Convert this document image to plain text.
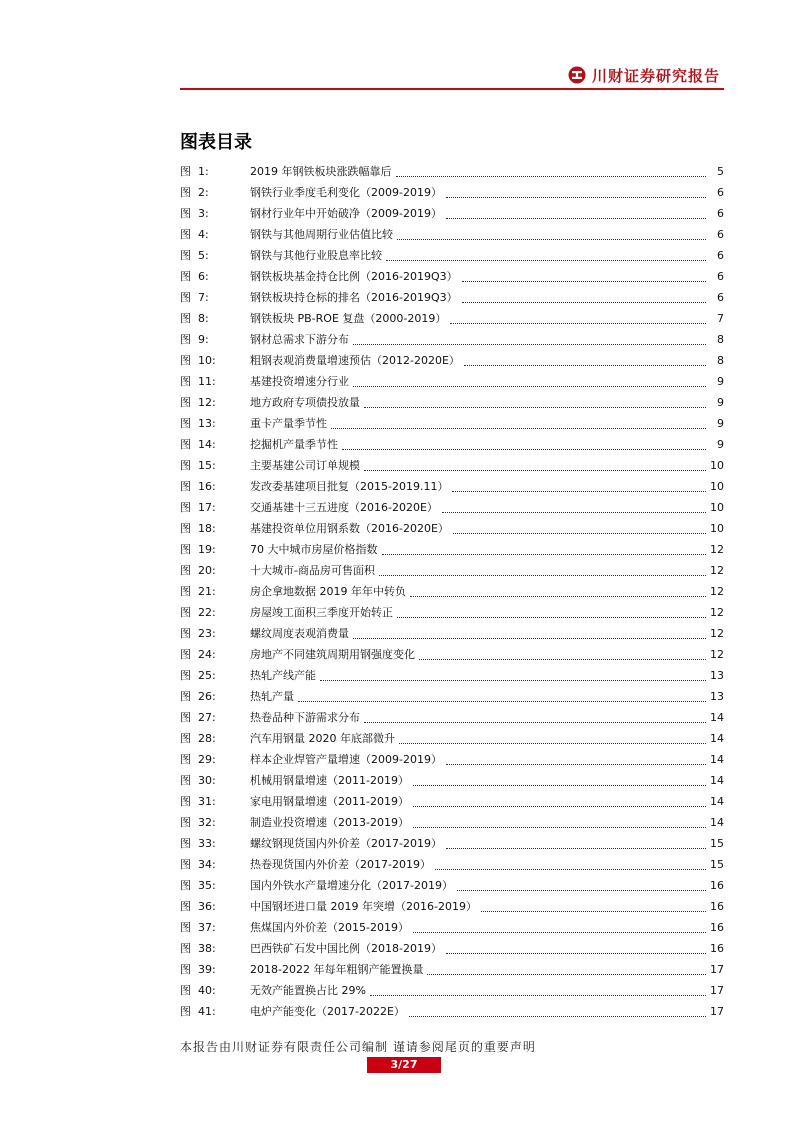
川财证券研究报告
图表目录
图  1:	2019 年钢铁板块涨跌幅靠后	5
图  2:	钢铁行业季度毛利变化（2009-2019）	6
图  3:	钢材行业年中开始破净（2009-2019）	6
图  4:	钢铁与其他周期行业估值比较	6
图  5:	钢铁与其他行业股息率比较	6
图  6:	钢铁板块基金持仓比例（2016-2019Q3）	6
图  7:	钢铁板块持仓标的排名（2016-2019Q3）	6
图  8:	钢铁板块 PB-ROE 复盘（2000-2019）	7
图  9:	钢材总需求下游分布	8
图  10:	粗钢表观消费量增速预估（2012-2020E）	8
图  11:	基建投资增速分行业	9
图  12:	地方政府专项债投放量	9
图  13:	重卡产量季节性	9
图  14:	挖掘机产量季节性	9
图  15:	主要基建公司订单规模	10
图  16:	发改委基建项目批复（2015-2019.11）	10
图  17:	交通基建十三五进度（2016-2020E）	10
图  18:	基建投资单位用钢系数（2016-2020E）	10
图  19:	70 大中城市房屋价格指数	12
图  20:	十大城市-商品房可售面积	12
图  21:	房企拿地数据 2019 年年中转负	12
图  22:	房屋竣工面积三季度开始转正	12
图  23:	螺纹周度表观消费量	12
图  24:	房地产不同建筑周期用钢强度变化	12
图  25:	热轧产线产能	13
图  26:	热轧产量	13
图  27:	热卷品种下游需求分布	14
图  28:	汽车用钢量 2020 年底部微升	14
图  29:	样本企业焊管产量增速（2009-2019）	14
图  30:	机械用钢量增速（2011-2019）	14
图  31:	家电用钢量增速（2011-2019）	14
图  32:	制造业投资增速（2013-2019）	14
图  33:	螺纹钢现货国内外价差（2017-2019）	15
图  34:	热卷现货国内外价差（2017-2019）	15
图  35:	国内外铁水产量增速分化（2017-2019）	16
图  36:	中国钢坯进口量 2019 年突增（2016-2019）	16
图  37:	焦煤国内外价差（2015-2019）	16
图  38:	巴西铁矿石发中国比例（2018-2019）	16
图  39:	2018-2022 年每年粗钢产能置换量	17
图  40:	无效产能置换占比 29%	17
图  41:	电炉产能变化（2017-2022E）	17
本报告由川财证券有限责任公司编制 谨请参阅尾页的重要声明
3/27
